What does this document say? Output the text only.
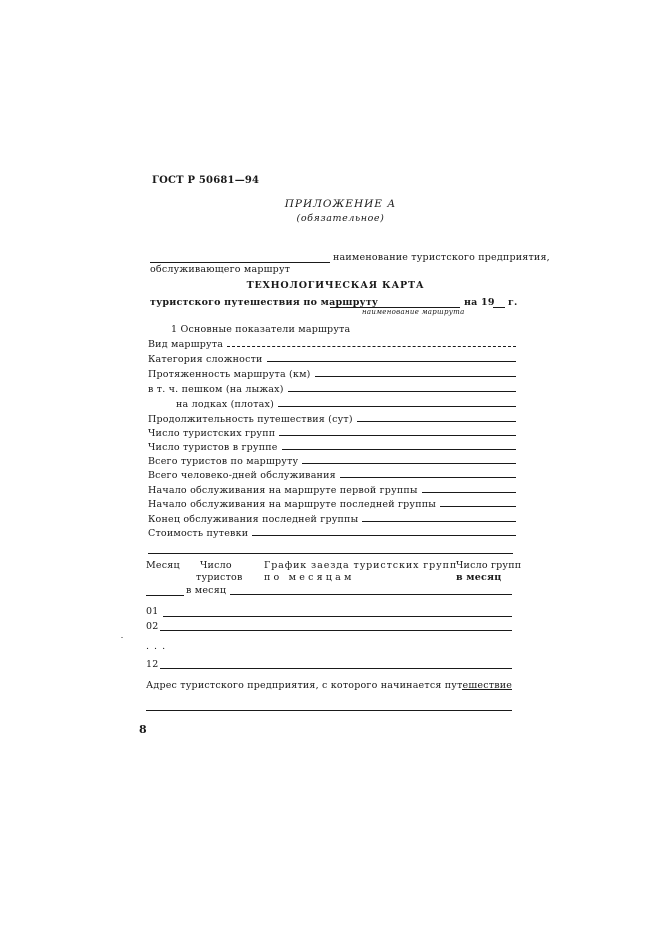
ГОСТ Р 50681—94
ПРИЛОЖЕНИЕ А
(обязательное)
наименование туристского предприятия,
обслуживающего маршрут
ТЕХНОЛОГИЧЕСКАЯ КАРТА
туристского путешествия по маршруту	на 19 г.
наименование маршрута
1 Основные показатели маршрута
Вид маршрута
Категория сложности
Протяженность маршрута (км)
в т. ч. пешком (на лыжах)
на лодках (плотах)
Продолжительность путешествия (сут)
Число туристских групп
Число туристов в группе
Всего туристов по маршруту
Всего человеко-дней обслуживания
Начало обслуживания на маршруте первой группы
Начало обслуживания на маршруте последней группы
Конец обслуживания последней группы
Стоимость путевки
Месяц Число
туристов
График заезда туристских групп
по месяцам
Число групп
в месяц
в месяц
01
02
. . .
12
Адрес туристского предприятия, с которого начинается путешествие
8
